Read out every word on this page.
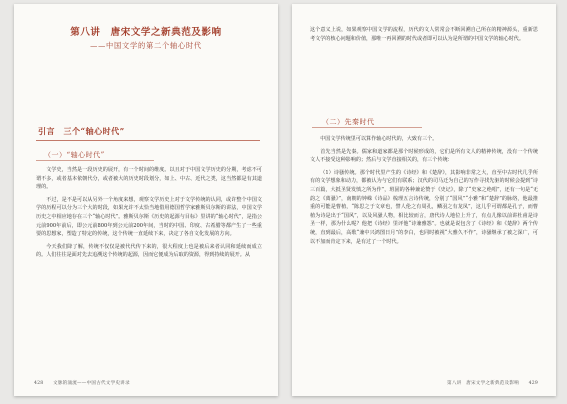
第八讲　唐宋文学之新典范及影响
——中国文学的第二个轴心时代
引言　三个“轴心时代”
（一）“轴心时代”

文学史，当然是一段历史的展开，有一个时间的维度。以且对于中国文学历史的分期，考虑不可谓不多，或者基本依朝代分，或者被大的历史时段划分，如上、中古、近代之类，这当然都是有其道理的。

不过，是不是可以从另外一个角度来想，观察文学历史上对于文学传统的认同，或许整个中国文学的历程可以分为三个大的时段，如果允许不太恰当地借用德国哲学家雅斯贝尔斯的讲法，中国文学历史之中相应地存在三个“轴心时代”。雅斯贝尔斯《历史的起源与目标》里讲的“轴心时代”，是指公元前900年前后，即公元前800年到公元前200年间，当时的中国、印度、古希腊等都产生了一些重要的思想家，塑造了特定的传统，这个传统一直延续下来，决定了各自文化发展的方向。

今天我们降了解，传统不仅仅是被代代传下来的，很大程度上也是被后来者认同和延续而成立的。人们往往是面对先去追溯这个传统的起源，因而它便成为后取的资源，得到持续的展开。从

428 文脉的涌流——中国古代文学史讲录

这个意义上说，如果观察中国文学的流程，历代的文人常常会不断回溯自己所在的精神源头，重新思考文学的核心问题和价值，那唯一再回溯的时代或者即可以认为是所谓的中国文学的轴心时代。

（二）先秦时代

中国文学传统里可以算作轴心时代的，大致有三个。

首先当然是先秦。儒家和道家都是那个时候形成的，它们是所有文人的精神传统，没有一个传统文人不接受这种影响的；然后与文学直接相关的，有三个传统：

（1）诗骚传统。那个时代里产生的《诗经》和《楚辞》，其影响非常之大，直至中古时代几乎所有的文学想象和动力，都被认为与它们有联系；汉代的司马迁为自己的写作寻找先驱的时候会提到“诗三百篇，大抵圣贤发愤之所为作”，班固的各种兼论赞于《史记》，除了“史家之绝唱”，还有一句是“无韵之《离骚》”，南朝的钟嵘《诗品》梳理五言诗传统，分别了“国风”“小雅”和“楚辞”的脉络，他最推重的可能是曹植，“陈思之于文章也，譬人伦之有周孔，鳞羽之有龙凤”，这儿乎可谓都是孔子，而曹植为诗是出于“国风”，以及风骚人物，相比较而言，唐代诗人地位上升了，有点儿像以前讲杜甫是诗圣一样，那为什么呢？他把《诗经》里评他“诗兼雅怨”。也就是说包含了《诗经》和《楚辞》两个传统，直到最后，高歌“兼中兴鸿图日月”的李白，也同时被视“大雅久不作”，诗骚继承了被之深广，可以不加而肯定下来，是有过了一个时代。

第八讲　唐宋文学之新典范及影响 429
